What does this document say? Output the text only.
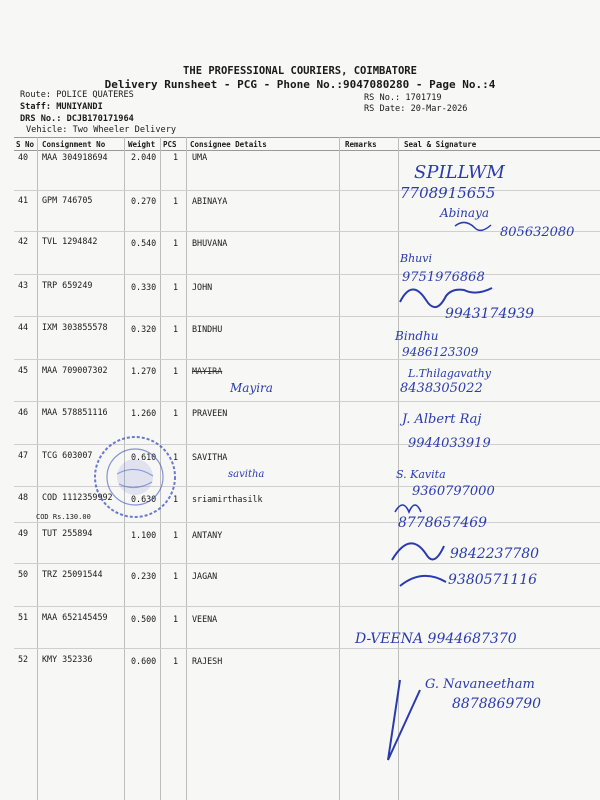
THE PROFESSIONAL COURIERS, COIMBATORE
Delivery Runsheet - PCG - Phone No.:9047080280 - Page No.:4
Route: POLICE QUATERES
Staff: MUNIYANDI
DRS No.: DCJB170171964
Vehicle: Two Wheeler Delivery
RS No.: 1701719
RS Date: 20-Mar-2026
S No Consignment No	Weight PCS Consignee Details	Remarks	Seal & Signature
40 MAA 304918694	2.040 1 UMA
41 GPM 746705	0.270 1 ABINAYA
42 TVL 1294842	0.540 1 BHUVANA
43 TRP 659249	0.330 1 JOHN
44 IXM 303855578	0.320 1 BINDHU
45 MAA 709007302	1.270 1 MAYIRA
46 MAA 578851116	1.260 1 PRAVEEN
47 TCG 603007	0.610 1 SAVITHA
48 COD 1112359992 0.630 1 sriamirthasilk
COD Rs.130.00
49 TUT 255894	1.100 1 ANTANY
50 TRZ 25091544	0.230 1 JAGAN
51 MAA 652145459	0.500 1 VEENA
52 KMY 352336	0.600 1 RAJESH
SPILLWM
7708915655
Abinaya
805632080
Bhuvi
9751976868
9943174939
Bindhu
9486123309
L.Thilagavathy
8438305022
Mayira
J. Albert Raj
9944033919
savitha	S. Kavita
9360797000
8778657469
9842237780
9380571116
D-VEENA 9944687370
G. Navaneetham
8878869790
